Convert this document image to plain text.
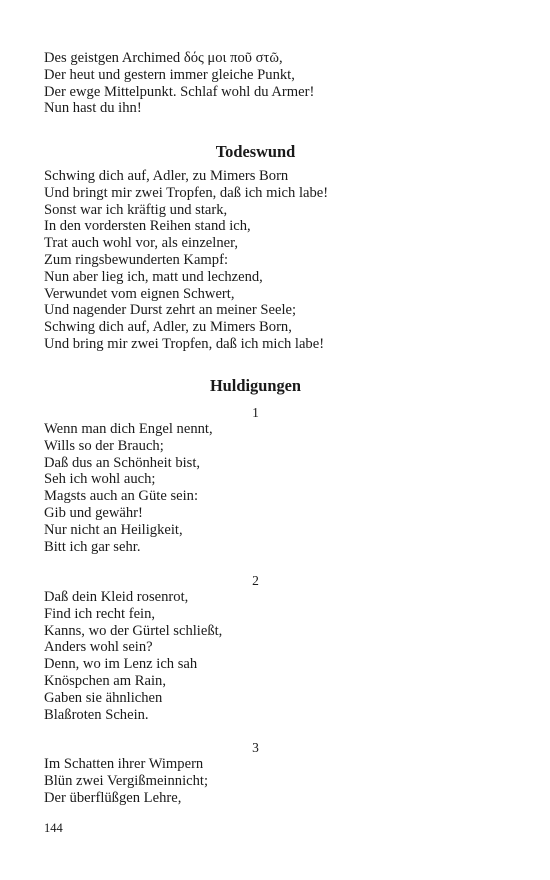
Des geistgen Archimed δός μοι ποῦ στῶ,
Der heut und gestern immer gleiche Punkt,
Der ewge Mittelpunkt. Schlaf wohl du Armer!
Nun hast du ihn!
Todeswund
Schwing dich auf, Adler, zu Mimers Born
Und bringt mir zwei Tropfen, daß ich mich labe!
Sonst war ich kräftig und stark,
In den vordersten Reihen stand ich,
Trat auch wohl vor, als einzelner,
Zum ringsbewunderten Kampf:
Nun aber lieg ich, matt und lechzend,
Verwundet vom eignen Schwert,
Und nagender Durst zehrt an meiner Seele;
Schwing dich auf, Adler, zu Mimers Born,
Und bring mir zwei Tropfen, daß ich mich labe!
Huldigungen
1
Wenn man dich Engel nennt,
Wills so der Brauch;
Daß dus an Schönheit bist,
Seh ich wohl auch;
Magsts auch an Güte sein:
Gib und gewähr!
Nur nicht an Heiligkeit,
Bitt ich gar sehr.
2
Daß dein Kleid rosenrot,
Find ich recht fein,
Kanns, wo der Gürtel schließt,
Anders wohl sein?
Denn, wo im Lenz ich sah
Knöspchen am Rain,
Gaben sie ähnlichen
Blaßroten Schein.
3
Im Schatten ihrer Wimpern
Blün zwei Vergißmeinnicht;
Der überflüßgen Lehre,
144
